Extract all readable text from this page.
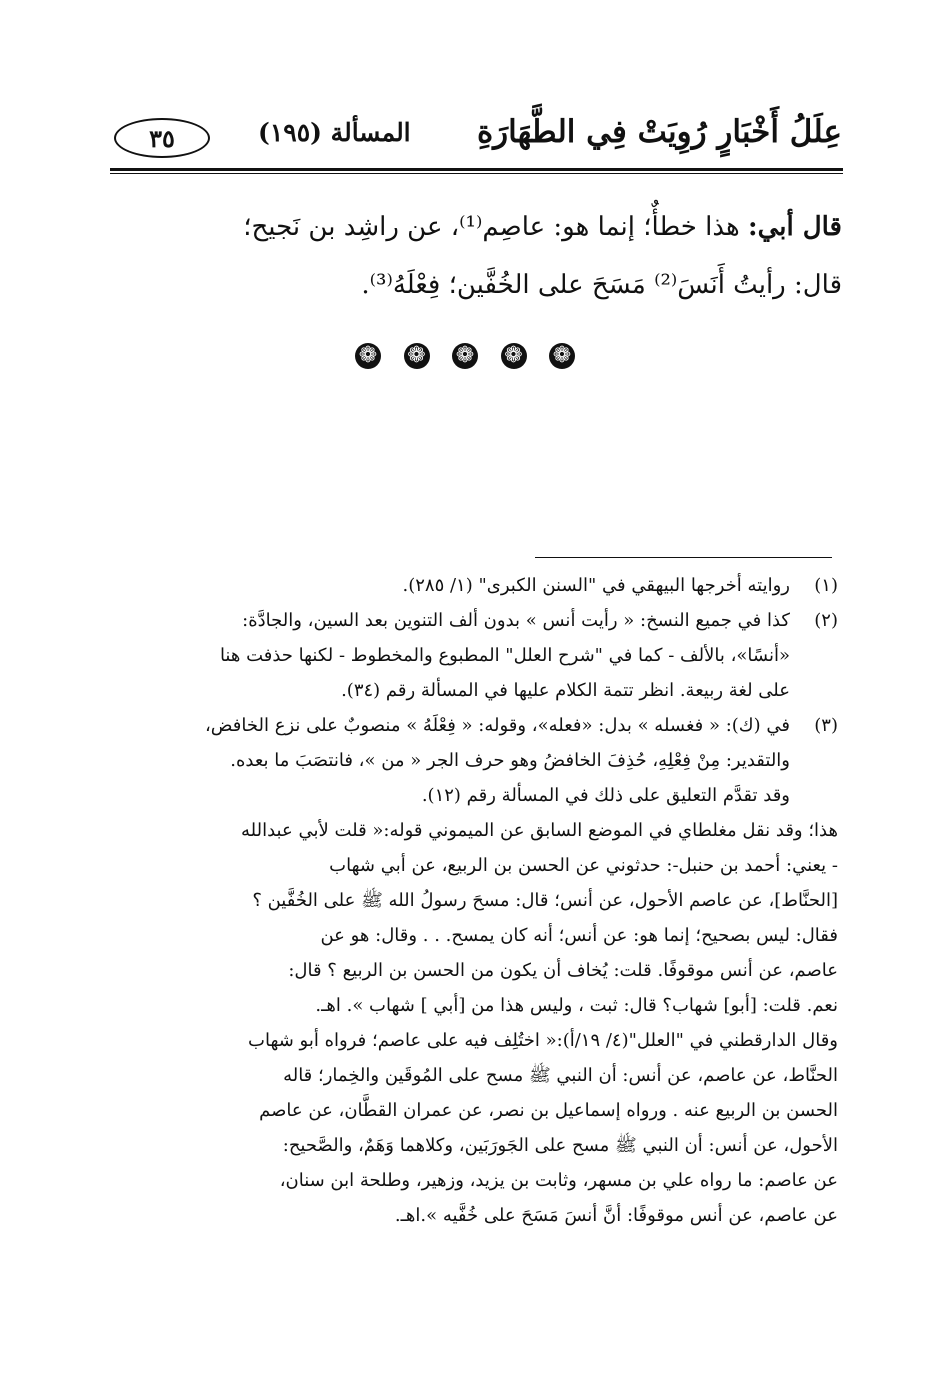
عِلَلُ أَخْبَارٍ رُوِيَتْ فِي الطَّهَارَةِ
المسألة (١٩٥)
٣٥

قال أبي: هذا خطأٌ؛ إنما هو: عاصِم⁽¹⁾، عن راشِد بن نَجيح؛

قال: رأيتُ أَنَسَ⁽²⁾ مَسَحَ على الخُفَّين؛ فِعْلَهُ⁽³⁾.

❁ ❁ ❁ ❁ ❁
(١)

روايته أخرجها البيهقي في "السنن الكبرى" (١/ ٢٨٥).

(٢)

كذا في جميع النسخ: « رأيت أنس » بدون ألف التنوين بعد السين، والجادَّة:

«أنسًا»، بالألف - كما في "شرح العلل" المطبوع والمخطوط - لكنها حذفت هنا

على لغة ربيعة. انظر تتمة الكلام عليها في المسألة رقم (٣٤).

(٣)

في (ك): « فغسله » بدل: «فعله»، وقوله: « فِعْلَهُ » منصوبٌ على نزع الخافض،

والتقدير: مِنْ فِعْلِهِ، حُذِفَ الخافضُ وهو حرف الجر « من »، فانتصَبَ ما بعده.

وقد تقدَّم التعليق على ذلك في المسألة رقم (١٢).

هذا؛ وقد نقل مغلطاي في الموضع السابق عن الميموني قوله:« قلت لأبي عبدالله

- يعني: أحمد بن حنبل-: حدثوني عن الحسن بن الربيع، عن أبي شهاب

[الحنَّاط]، عن عاصم الأحول، عن أنس؛ قال: مسحَ رسولُ الله ﷺ على الخُفَّين ؟

فقال: ليس بصحيح؛ إنما هو: عن أنس؛ أنه كان يمسح. . . وقال: هو عن

عاصم، عن أنس موقوفًا. قلت: يُخاف أن يكون من الحسن بن الربيع ؟ قال:

نعم. قلت: [أبو] شهاب؟ قال: ثبت ، وليس هذا من [أبي ] شهاب ». اهـ.

وقال الدارقطني في "العلل"(٤/ ١٩/أ):« اختُلِف فيه على عاصم؛ فرواه أبو شهاب

الحنَّاط، عن عاصم، عن أنس: أن النبي ﷺ مسح على المُوقَين والخِمار؛ قاله

الحسن بن الربيع عنه . ورواه إسماعيل بن نصر، عن عمران القطَّان، عن عاصم

الأحول، عن أنس: أن النبي ﷺ مسح على الجَورَبَين، وكلاهما وَهَمٌ، والصَّحيح:

عن عاصم: ما رواه علي بن مسهر، وثابت بن يزيد، وزهير، وطلحة ابن سنان،

عن عاصم، عن أنس موقوفًا: أنَّ أنسَ مَسَحَ على خُفَّيه ».اهـ.
